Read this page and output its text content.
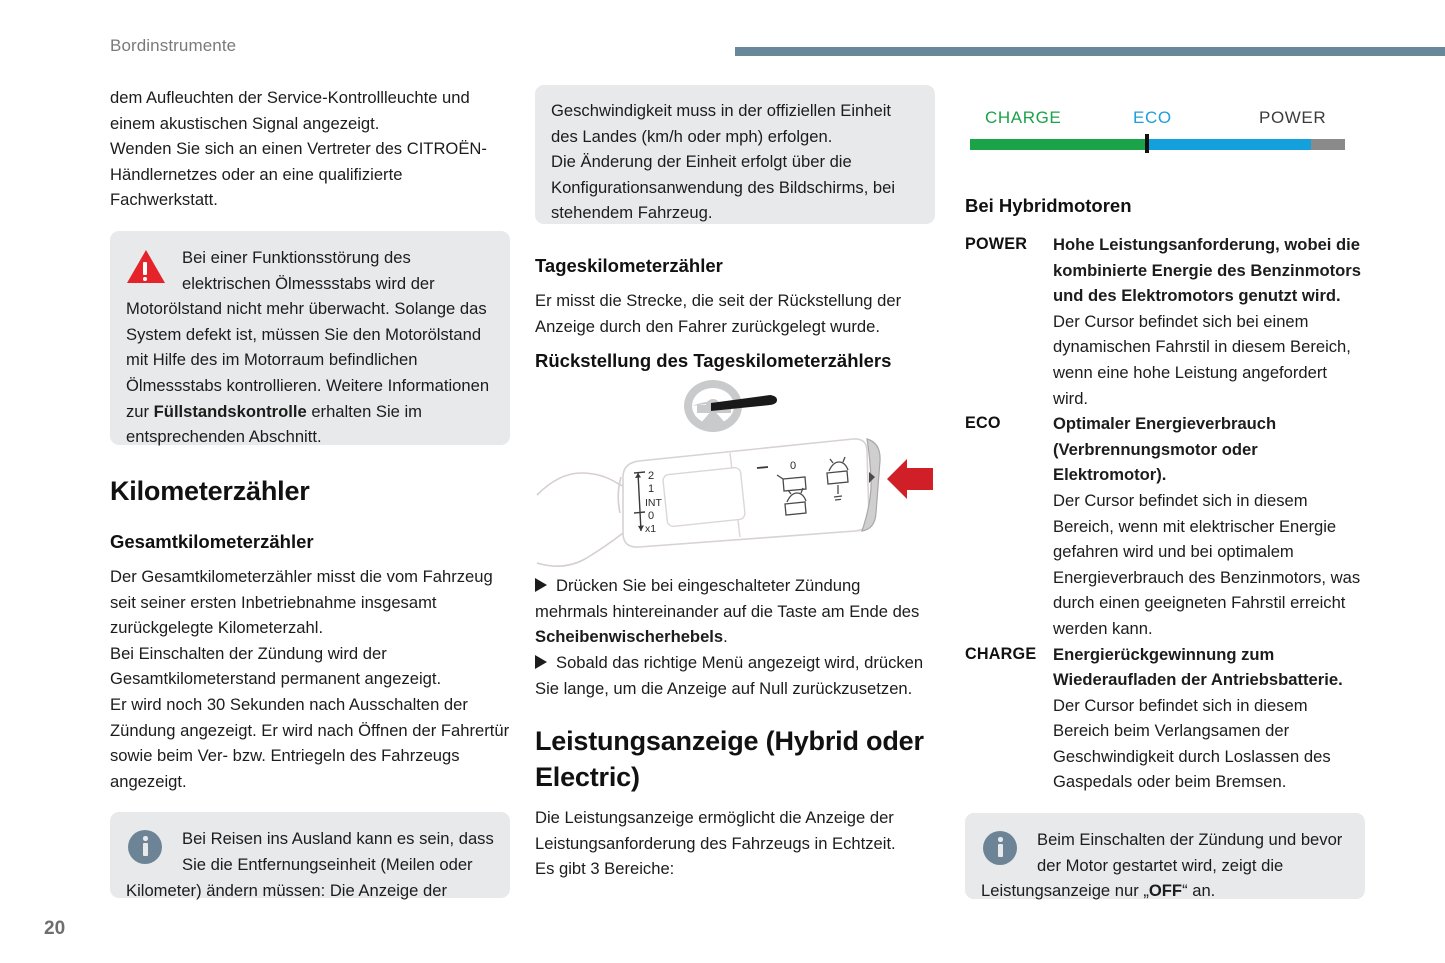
Bordinstrumente
dem Aufleuchten der Service-Kontrollleuchte und einem akustischen Signal angezeigt.
Wenden Sie sich an einen Vertreter des CITROËN-Händlernetzes oder an eine qualifizierte Fachwerkstatt.
Bei einer Funktionsstörung des elektrischen Ölmessstabs wird der Motorölstand nicht mehr überwacht. Solange das System defekt ist, müssen Sie den Motorölstand mit Hilfe des im Motorraum befindlichen Ölmessstabs kontrollieren. Weitere Informationen zur Füllstandskontrolle erhalten Sie im entsprechenden Abschnitt.
Kilometerzähler
Gesamtkilometerzähler
Der Gesamtkilometerzähler misst die vom Fahrzeug seit seiner ersten Inbetriebnahme insgesamt zurückgelegte Kilometerzahl.
Bei Einschalten der Zündung wird der Gesamtkilometerstand permanent angezeigt.
Er wird noch 30 Sekunden nach Ausschalten der Zündung angezeigt. Er wird nach Öffnen der Fahrertür sowie beim Ver- bzw. Entriegeln des Fahrzeugs angezeigt.
Bei Reisen ins Ausland kann es sein, dass Sie die Entfernungseinheit (Meilen oder Kilometer) ändern müssen: Die Anzeige der
Geschwindigkeit muss in der offiziellen Einheit des Landes (km/h oder mph) erfolgen.
Die Änderung der Einheit erfolgt über die Konfigurationsanwendung des Bildschirms, bei stehendem Fahrzeug.
Tageskilometerzähler
Er misst die Strecke, die seit der Rückstellung der Anzeige durch den Fahrer zurückgelegt wurde.
Rückstellung des Tageskilometerzählers
2
1
INT
0
x1
0
Drücken Sie bei eingeschalteter Zündung mehrmals hintereinander auf die Taste am Ende des Scheibenwischerhebels.
Sobald das richtige Menü angezeigt wird, drücken Sie lange, um die Anzeige auf Null zurückzusetzen.
Leistungsanzeige (Hybrid oder Electric)
Die Leistungsanzeige ermöglicht die Anzeige der Leistungsanforderung des Fahrzeugs in Echtzeit.
Es gibt 3 Bereiche:
CHARGE	ECO	POWER
Bei Hybridmotoren
POWER	Hohe Leistungsanforderung, wobei die kombinierte Energie des Benzinmotors und des Elektromotors genutzt wird.
Der Cursor befindet sich bei einem dynamischen Fahrstil in diesem Bereich, wenn eine hohe Leistung angefordert wird.
ECO	Optimaler Energieverbrauch (Verbrennungsmotor oder Elektromotor).
Der Cursor befindet sich in diesem Bereich, wenn mit elektrischer Energie gefahren wird und bei optimalem Energieverbrauch des Benzinmotors, was durch einen geeigneten Fahrstil erreicht werden kann.
CHARGE	Energierückgewinnung zum Wiederaufladen der Antriebsbatterie.
Der Cursor befindet sich in diesem Bereich beim Verlangsamen der Geschwindigkeit durch Loslassen des Gaspedals oder beim Bremsen.
Beim Einschalten der Zündung und bevor der Motor gestartet wird, zeigt die Leistungsanzeige nur „OFF“ an.
20
